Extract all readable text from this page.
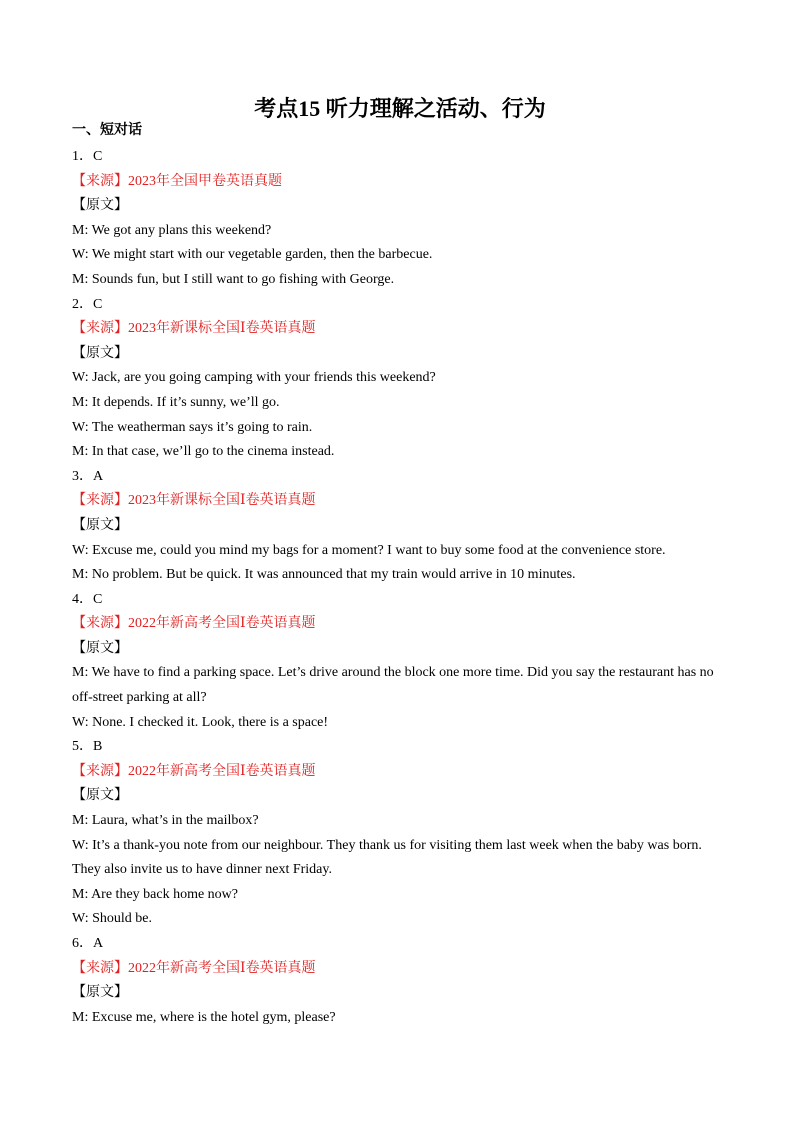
考点15 听力理解之活动、行为
一、短对话
1．C
【来源】2023年全国甲卷英语真题
【原文】
M: We got any plans this weekend?
W: We might start with our vegetable garden, then the barbecue.
M: Sounds fun, but I still want to go fishing with George.
2．C
【来源】2023年新课标全国Ⅰ卷英语真题
【原文】
W: Jack, are you going camping with your friends this weekend?
M: It depends. If it’s sunny, we’ll go.
W: The weatherman says it’s going to rain.
M: In that case, we’ll go to the cinema instead.
3．A
【来源】2023年新课标全国Ⅰ卷英语真题
【原文】
W: Excuse me, could you mind my bags for a moment? I want to buy some food at the convenience store.
M: No problem. But be quick. It was announced that my train would arrive in 10 minutes.
4．C
【来源】2022年新高考全国Ⅰ卷英语真题
【原文】
M: We have to find a parking space. Let’s drive around the block one more time. Did you say the restaurant has no
off-street parking at all?
W: None. I checked it. Look, there is a space!
5．B
【来源】2022年新高考全国Ⅰ卷英语真题
【原文】
M: Laura, what’s in the mailbox?
W: It’s a thank-you note from our neighbour. They thank us for visiting them last week when the baby was born.
They also invite us to have dinner next Friday.
M: Are they back home now?
W: Should be.
6．A
【来源】2022年新高考全国Ⅰ卷英语真题
【原文】
M: Excuse me, where is the hotel gym, please?
